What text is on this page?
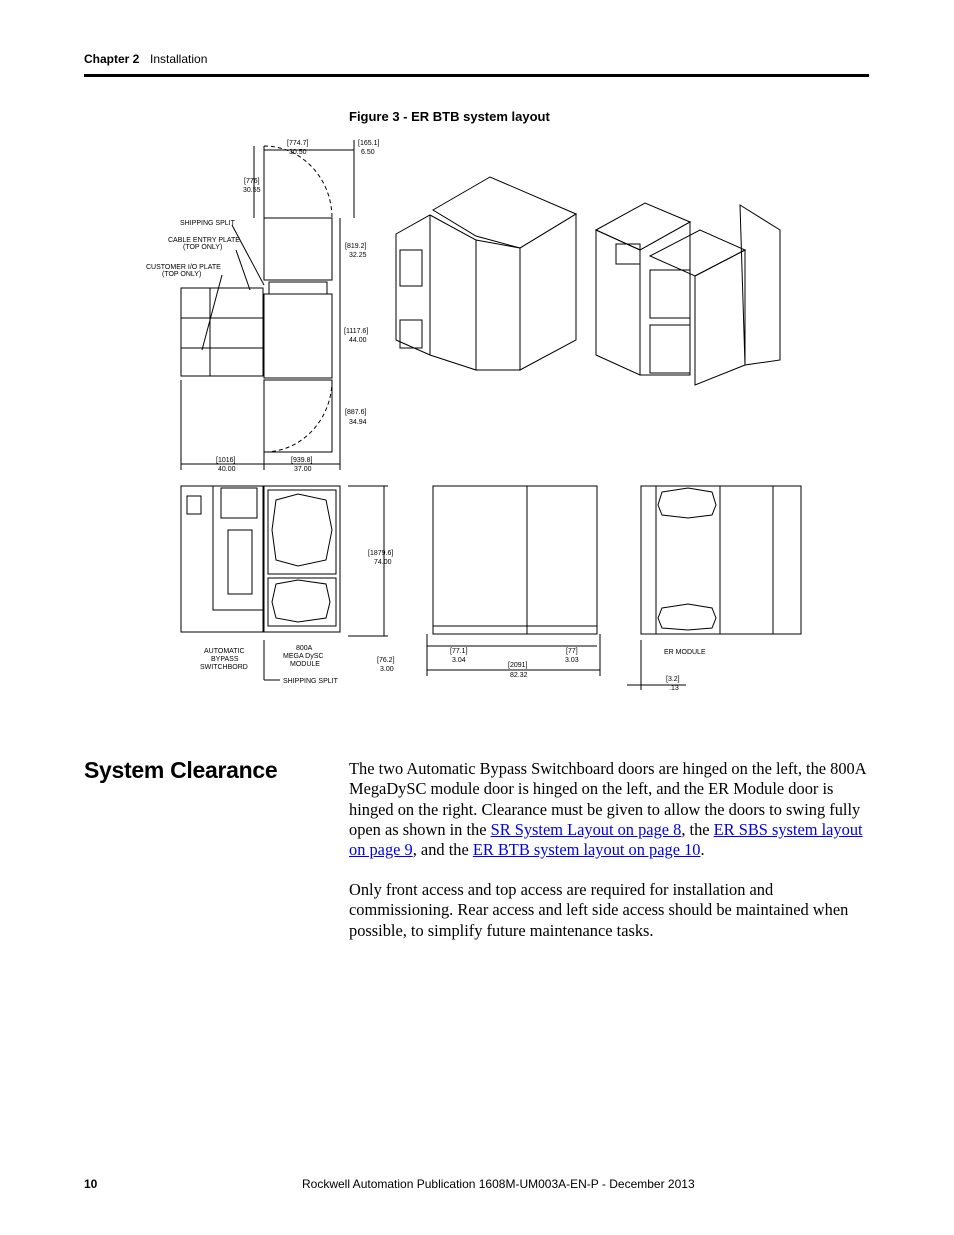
Chapter 2 Installation
Figure 3 - ER BTB system layout
[774.7]
30.50
[165.1]
6.50
[776]
30.55
[819.2]
32.25
[1117.6]
44.00
[887.6]
34.94
[1016]
40.00
[939.8]
37.00
[1879.6]
74.00
[76.2]
3.00
[77.1]
3.04
[2091]
82.32
[77]
3.03
[3.2]
.13
SHIPPING SPLIT
CABLE ENTRY PLATE
(TOP ONLY)
CUSTOMER I/O PLATE
(TOP ONLY)
AUTOMATIC
BYPASS
SWITCHBORD
800A
MEGA DySC
MODULE
SHIPPING SPLIT
ER MODULE
System Clearance	The two Automatic Bypass Switchboard doors are hinged on the left, the 800A MegaDySC module door is hinged on the left, and the ER Module door is hinged on the right. Clearance must be given to allow the doors to swing fully open as shown in the SR System Layout on page 8, the ER SBS system layout on page 9, and the ER BTB system layout on page 10.
Only front access and top access are required for installation and commissioning. Rear access and left side access should be maintained when possible, to simplify future maintenance tasks.
10	Rockwell Automation Publication 1608M-UM003A-EN-P - December 2013
